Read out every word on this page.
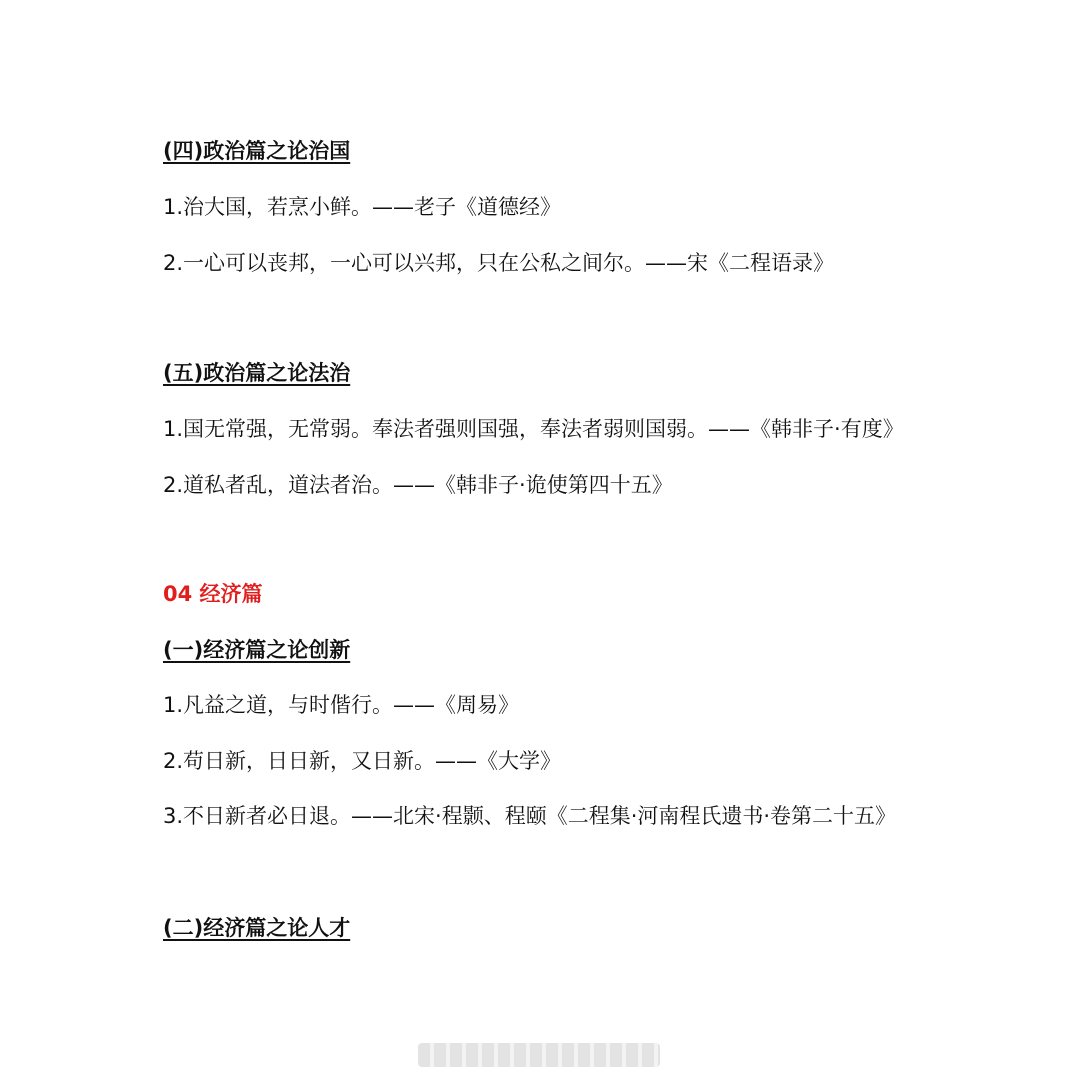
(四)政治篇之论治国
1.治大国，若烹小鲜。——老子《道德经》
2.一心可以丧邦，一心可以兴邦，只在公私之间尔。——宋《二程语录》
(五)政治篇之论法治
1.国无常强，无常弱。奉法者强则国强，奉法者弱则国弱。——《韩非子·有度》
2.道私者乱，道法者治。——《韩非子·诡使第四十五》
04 经济篇
(一)经济篇之论创新
1.凡益之道，与时偕行。——《周易》
2.苟日新，日日新，又日新。——《大学》
3.不日新者必日退。——北宋·程颢、程颐《二程集·河南程氏遗书·卷第二十五》
(二)经济篇之论人才
